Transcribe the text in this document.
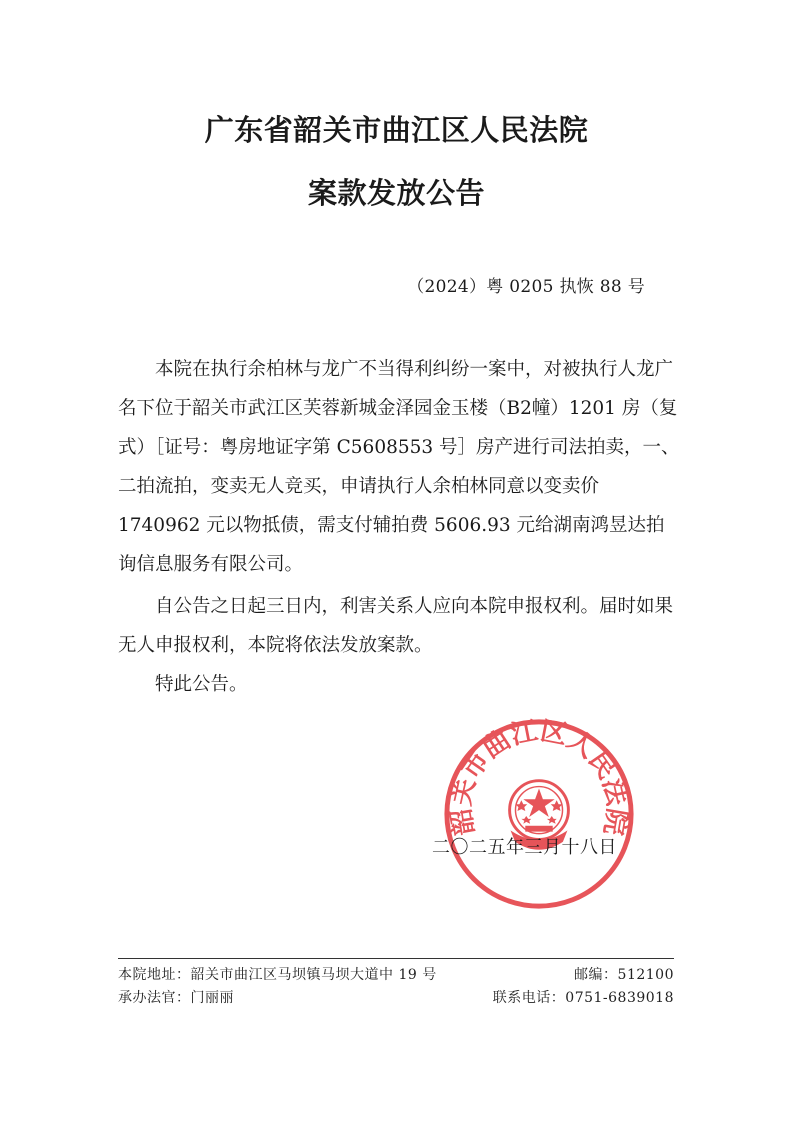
广东省韶关市曲江区人民法院
案款发放公告
（2024）粤 0205 执恢 88 号
本院在执行余柏林与龙广不当得利纠纷一案中，对被执行人龙广名下位于韶关市武江区芙蓉新城金泽园金玉楼（B2幢）1201 房（复式）［证号：粤房地证字第 C5608553 号］房产进行司法拍卖，一、二拍流拍，变卖无人竞买，申请执行人余柏林同意以变卖价 1740962 元以物抵债，需支付辅拍费 5606.93 元给湖南鸿昱达拍询信息服务有限公司。
自公告之日起三日内，利害关系人应向本院申报权利。届时如果无人申报权利，本院将依法发放案款。
特此公告。
韶关市曲江区人民法院
二〇二五年三月十八日
本院地址：韶关市曲江区马坝镇马坝大道中 19 号	邮编：512100
承办法官：门丽丽	联系电话：0751-6839018
